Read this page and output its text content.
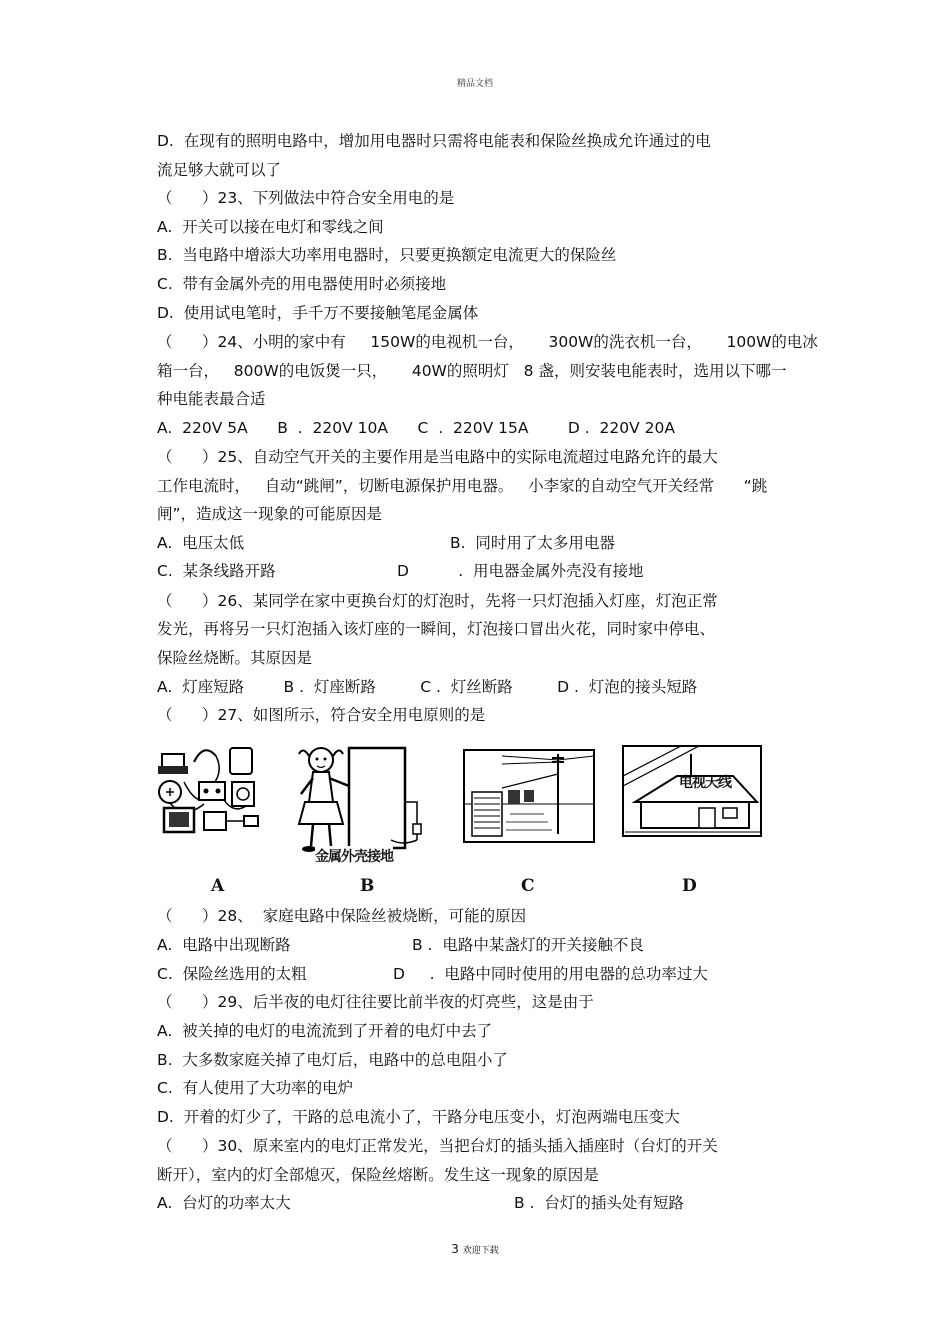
精品文档
D.  在现有的照明电路中，增加用电器时只需将电能表和保险丝换成允许通过的电
流足够大就可以了
（      ）23、下列做法中符合安全用电的是
A.  开关可以接在电灯和零线之间
B.  当电路中增添大功率用电器时，只要更换额定电流更大的保险丝
C.  带有金属外壳的用电器使用时必须接地
D.  使用试电笔时，手千万不要接触笔尾金属体
（      ）24、小明的家中有     150W的电视机一台，     300W的洗衣机一台，     100W的电冰
箱一台，   800W的电饭煲一只，     40W的照明灯   8 盏，则安装电能表时，选用以下哪一
种电能表最合适
A.  220V 5A      B  .  220V 10A      C  .  220V 15A        D .  220V 20A
（      ）25、自动空气开关的主要作用是当电路中的实际电流超过电路允许的最大
工作电流时，   自动“跳闸”，切断电源保护用电器。   小李家的自动空气开关经常      “跳
闸”，造成这一现象的可能原因是
A.  电压太低	B.  同时用了太多用电器
C.  某条线路开路	D          .  用电器金属外壳没有接地
（      ）26、某同学在家中更换台灯的灯泡时，先将一只灯泡插入灯座，灯泡正常
发光，再将另一只灯泡插入该灯座的一瞬间，灯泡接口冒出火花，同时家中停电、
保险丝烧断。其原因是
A.  灯座短路        B .  灯座断路         C .  灯丝断路         D .  灯泡的接头短路
（      ）27、如图所示，符合安全用电原则的是
金属外壳接地
电视天线
A	B	C	D
（      ）28、  家庭电路中保险丝被烧断，可能的原因
A.  电路中出现断路	B .  电路中某盏灯的开关接触不良
C.  保险丝选用的太粗	D     .  电路中同时使用的用电器的总功率过大
（      ）29、后半夜的电灯往往要比前半夜的灯亮些，这是由于
A.  被关掉的电灯的电流流到了开着的电灯中去了
B.  大多数家庭关掉了电灯后，电路中的总电阻小了
C.  有人使用了大功率的电炉
D.  开着的灯少了，干路的总电流小了，干路分电压变小，灯泡两端电压变大
（      ）30、原来室内的电灯正常发光，当把台灯的插头插入插座时（台灯的开关
断开），室内的灯全部熄灭，保险丝熔断。发生这一现象的原因是
A.  台灯的功率太大	B .  台灯的插头处有短路
3 欢迎下载
